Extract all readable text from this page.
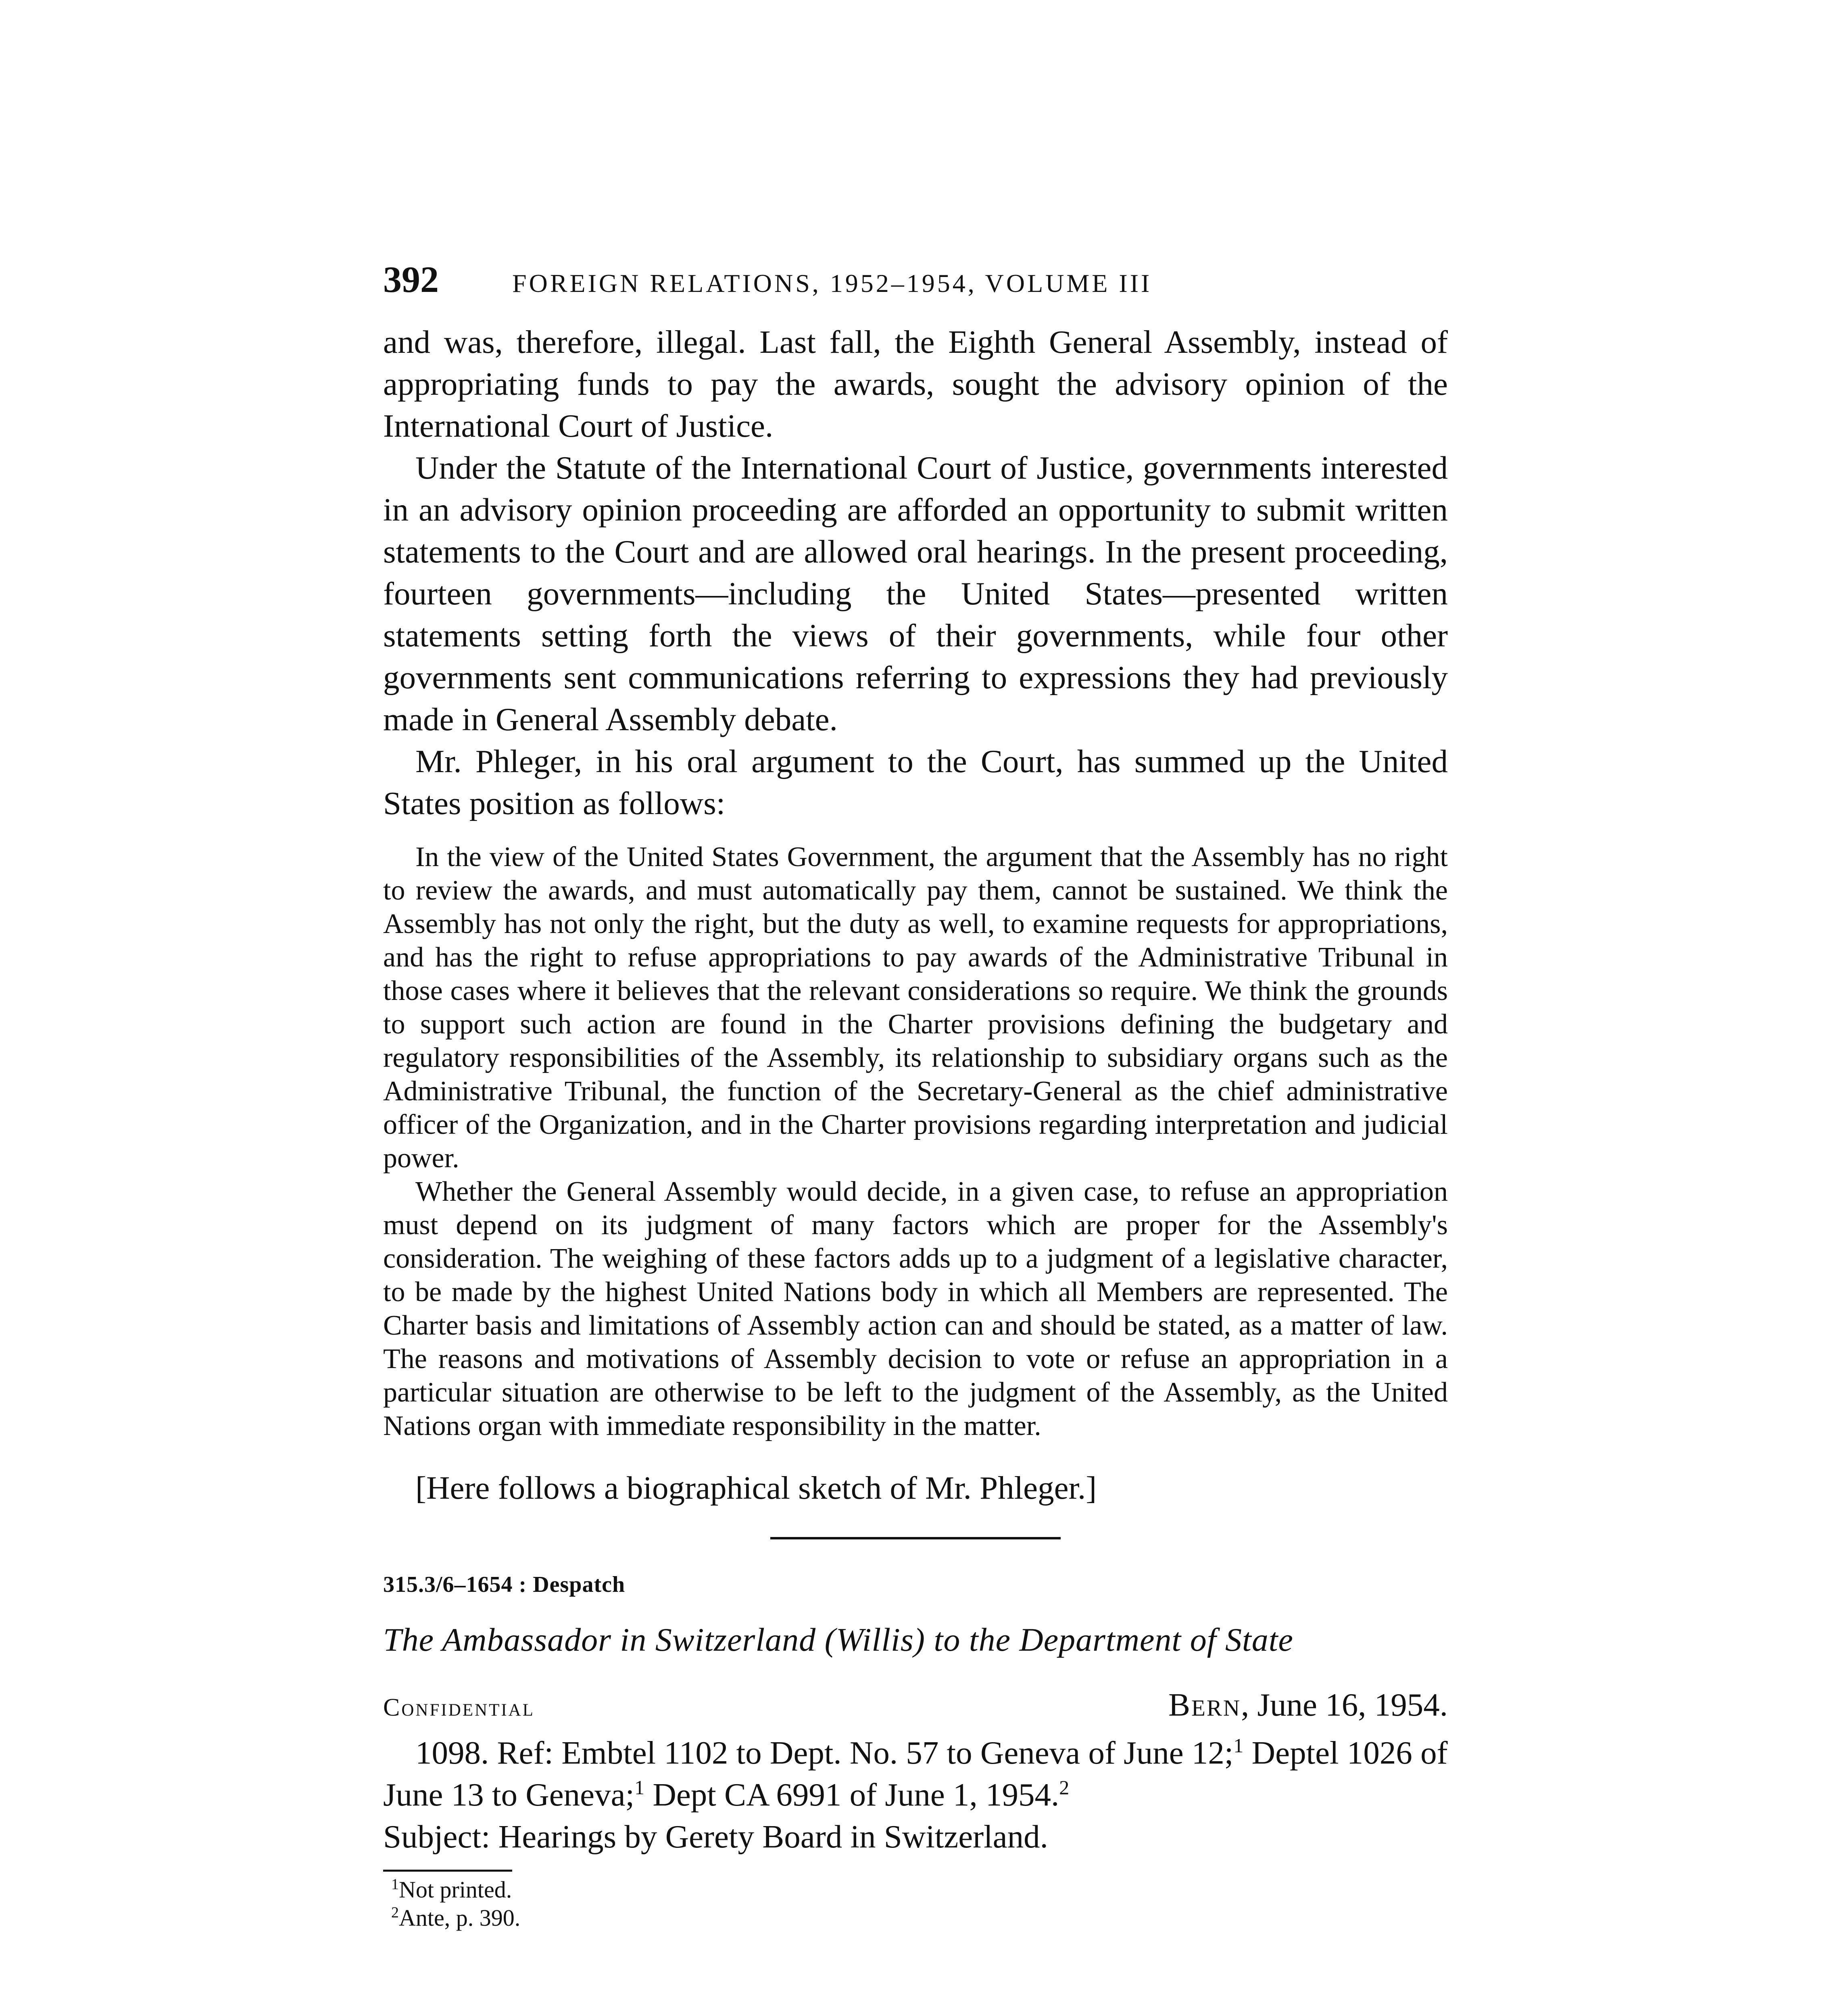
392	FOREIGN RELATIONS, 1952–1954, VOLUME III

and was, therefore, illegal. Last fall, the Eighth General Assembly, instead of appropriating funds to pay the awards, sought the advisory opinion of the International Court of Justice.

Under the Statute of the International Court of Justice, governments interested in an advisory opinion proceeding are afforded an opportunity to submit written statements to the Court and are allowed oral hearings. In the present proceeding, fourteen governments—including the United States—presented written statements setting forth the views of their governments, while four other governments sent communications referring to expressions they had previously made in General Assembly debate.

Mr. Phleger, in his oral argument to the Court, has summed up the United States position as follows:

In the view of the United States Government, the argument that the Assembly has no right to review the awards, and must automatically pay them, cannot be sustained. We think the Assembly has not only the right, but the duty as well, to examine requests for appropriations, and has the right to refuse appropriations to pay awards of the Administrative Tribunal in those cases where it believes that the relevant considerations so require. We think the grounds to support such action are found in the Charter provisions defining the budgetary and regulatory responsibilities of the Assembly, its relationship to subsidiary organs such as the Administrative Tribunal, the function of the Secretary-General as the chief administrative officer of the Organization, and in the Charter provisions regarding interpretation and judicial power.

Whether the General Assembly would decide, in a given case, to refuse an appropriation must depend on its judgment of many factors which are proper for the Assembly's consideration. The weighing of these factors adds up to a judgment of a legislative character, to be made by the highest United Nations body in which all Members are represented. The Charter basis and limitations of Assembly action can and should be stated, as a matter of law. The reasons and motivations of Assembly decision to vote or refuse an appropriation in a particular situation are otherwise to be left to the judgment of the Assembly, as the United Nations organ with immediate responsibility in the matter.

[Here follows a biographical sketch of Mr. Phleger.]

315.3/6–1654 : Despatch
The Ambassador in Switzerland (Willis) to the Department of State
Confidential	Bern, June 16, 1954.

1098. Ref: Embtel 1102 to Dept. No. 57 to Geneva of June 12;$^1$ Deptel 1026 of June 13 to Geneva;$^1$ Dept CA 6991 of June 1, 1954.$^2$

Subject: Hearings by Gerety Board in Switzerland.

$^1$Not printed.

$^2$Ante, p. 390.
